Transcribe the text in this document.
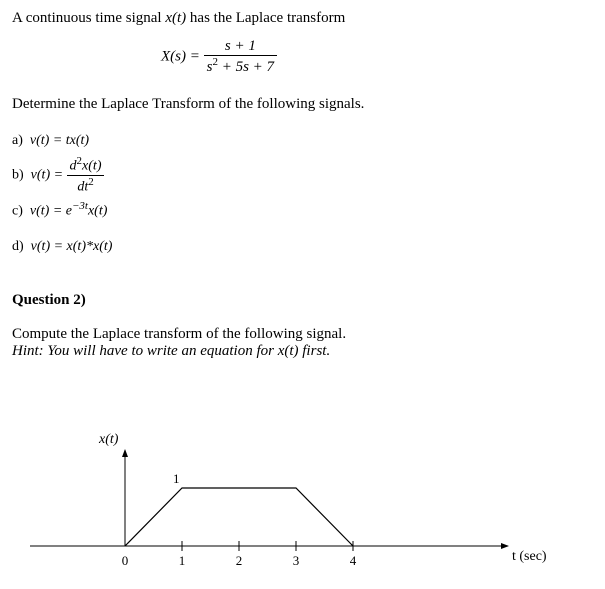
A continuous time signal x(t) has the Laplace transform
$X(s) = \frac{s + 1}{s^2 + 5s + 7}$
Determine the Laplace Transform of the following signals.
a) v(t) = tx(t)
b) $v(t) = \frac{d^2x(t)}{dt^2}$
c) $v(t) = e^{-3t}x(t)$
d) v(t) = x(t)*x(t)
Question 2)
Compute the Laplace transform of the following signal.
Hint: You will have to write an equation for x(t) first.
0	1	2	3	4
x(t)
1
t (sec)
